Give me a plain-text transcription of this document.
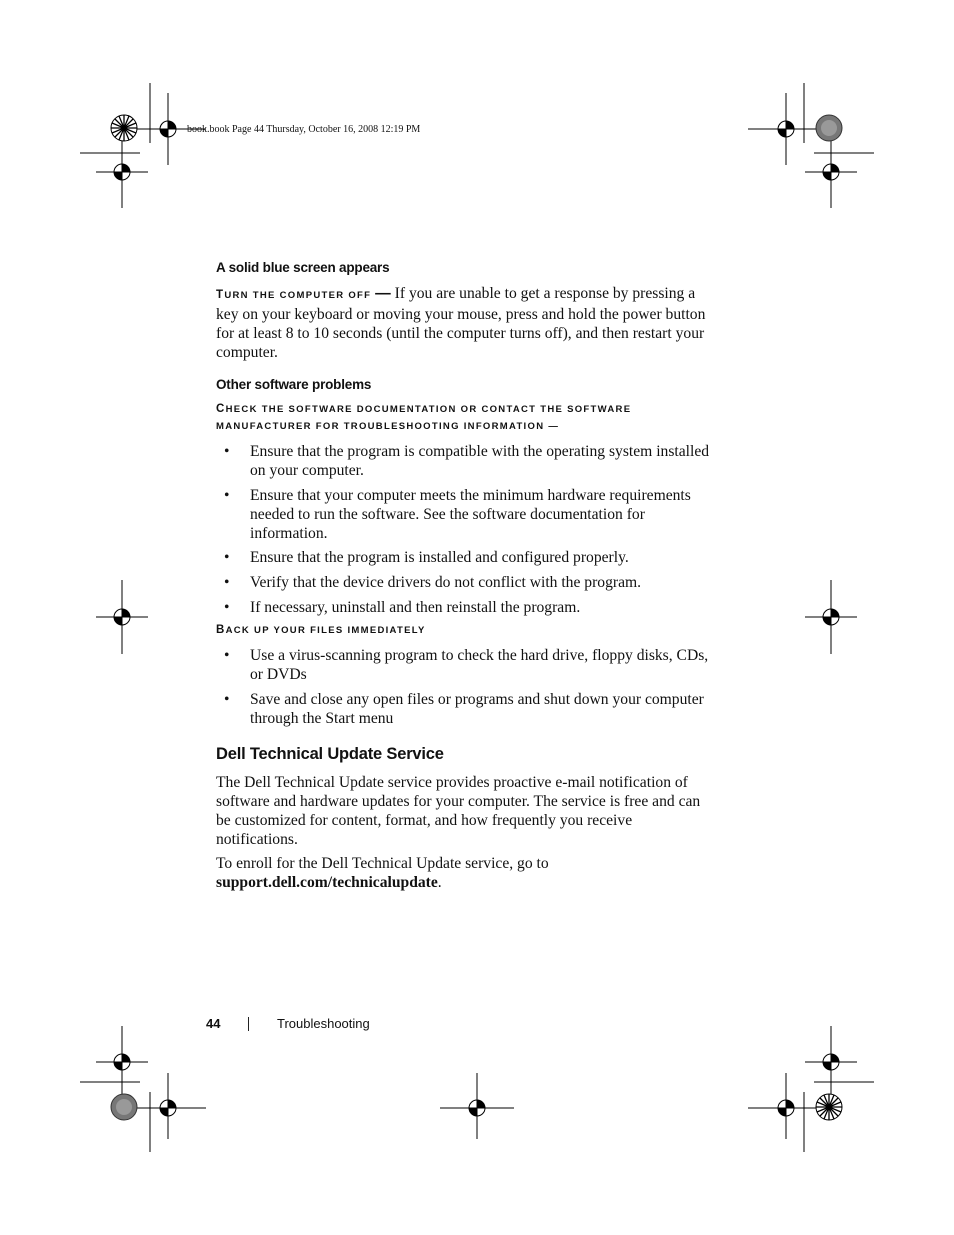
book.book Page 44 Thursday, October 16, 2008 12:19 PM
A solid blue screen appears
TURN THE COMPUTER OFF — If you are unable to get a response by pressing a key on your keyboard or moving your mouse, press and hold the power button for at least 8 to 10 seconds (until the computer turns off), and then restart your computer.
Other software problems
CHECK THE SOFTWARE DOCUMENTATION OR CONTACT THE SOFTWARE
MANUFACTURER FOR TROUBLESHOOTING INFORMATION —
• Ensure that the program is compatible with the operating system installed on your computer.
• Ensure that your computer meets the minimum hardware requirements needed to run the software. See the software documentation for information.
• Ensure that the program is installed and configured properly.
• Verify that the device drivers do not conflict with the program.
• If necessary, uninstall and then reinstall the program.
BACK UP YOUR FILES IMMEDIATELY
• Use a virus-scanning program to check the hard drive, floppy disks, CDs, or DVDs
• Save and close any open files or programs and shut down your computer through the Start menu
Dell Technical Update Service
The Dell Technical Update service provides proactive e-mail notification of software and hardware updates for your computer. The service is free and can be customized for content, format, and how frequently you receive notifications.
To enroll for the Dell Technical Update service, go to
support.dell.com/technicalupdate.
44	Troubleshooting
